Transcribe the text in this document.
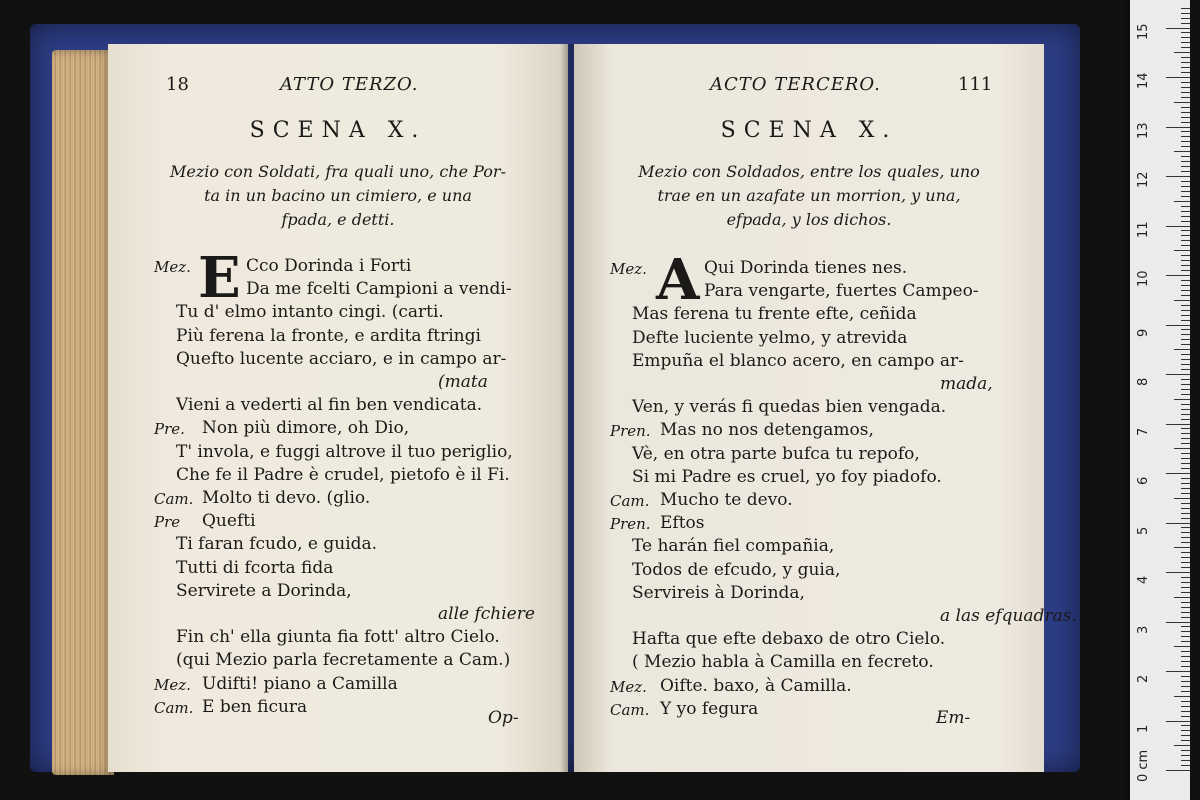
18	ATTO TERZO.
SCENA X.
Mezio con Soldati, fra quali uno, che Por-
ta in un bacino un cimiero, e una
fpada, e detti.
Mez. E Cco Dorinda i Forti
Da me fcelti Campioni a vendi-
Tu d' elmo intanto cingi. (carti.
Più ferena la fronte, e ardita ftringi
Quefto lucente acciaro, e in campo ar-
(mata
Vieni a vederti al fin ben vendicata.
Pre. Non più dimore, oh Dio,
T' involа, e fuggi altrove il tuo periglio,
Che fe il Padre è crudel, pietofo è il Fi.
Cam. Molto ti devo. (glio.
Pre Quefti
Ti faran fcudo, e guida.
Tutti di fcorta fida
Servirete a Dorinda,
alle fchiere
Fin ch' ella giunta fia fott' altro Cielo.
(qui Mezio parla fecretamente a Cam.)
Mez. Udifti! piano a Camilla
Cam. E ben ficura
Op-
ACTO TERCERO.	111
SCENA X.
Mezio con Soldados, entre los quales, uno
trae en un azafate un morrion, y una,
efpada, y los dichos.
Mez. A Qui Dorinda tienes nes.
Para vengarte, fuertes Campeo-
Mas ferena tu frente efte, ceñida
Defte luciente yelmo, y atrevida
Empuña el blanco acero, en campo ar-
mada,
Ven, y verás fi quedas bien vengada.
Pren. Mas no nos detengamos,
Vè, en otra parte bufca tu repofo,
Si mi Padre es cruel, yo foy piadofo.
Cam. Mucho te devo.
Pren. Eftos
Te harán fiel compañia,
Todos de efcudo, y guia,
Servireis à Dorinda,
a las efquadras.
Hafta que efte debaxo de otro Cielo.
( Mezio habla à Camilla en fecreto.
Mez. Oifte. baxo, à Camilla.
Cam. Y yo fegura	Em-
0 cm
1
2
3
4
5
6
7
8
9
10
11
12
13
14
15
